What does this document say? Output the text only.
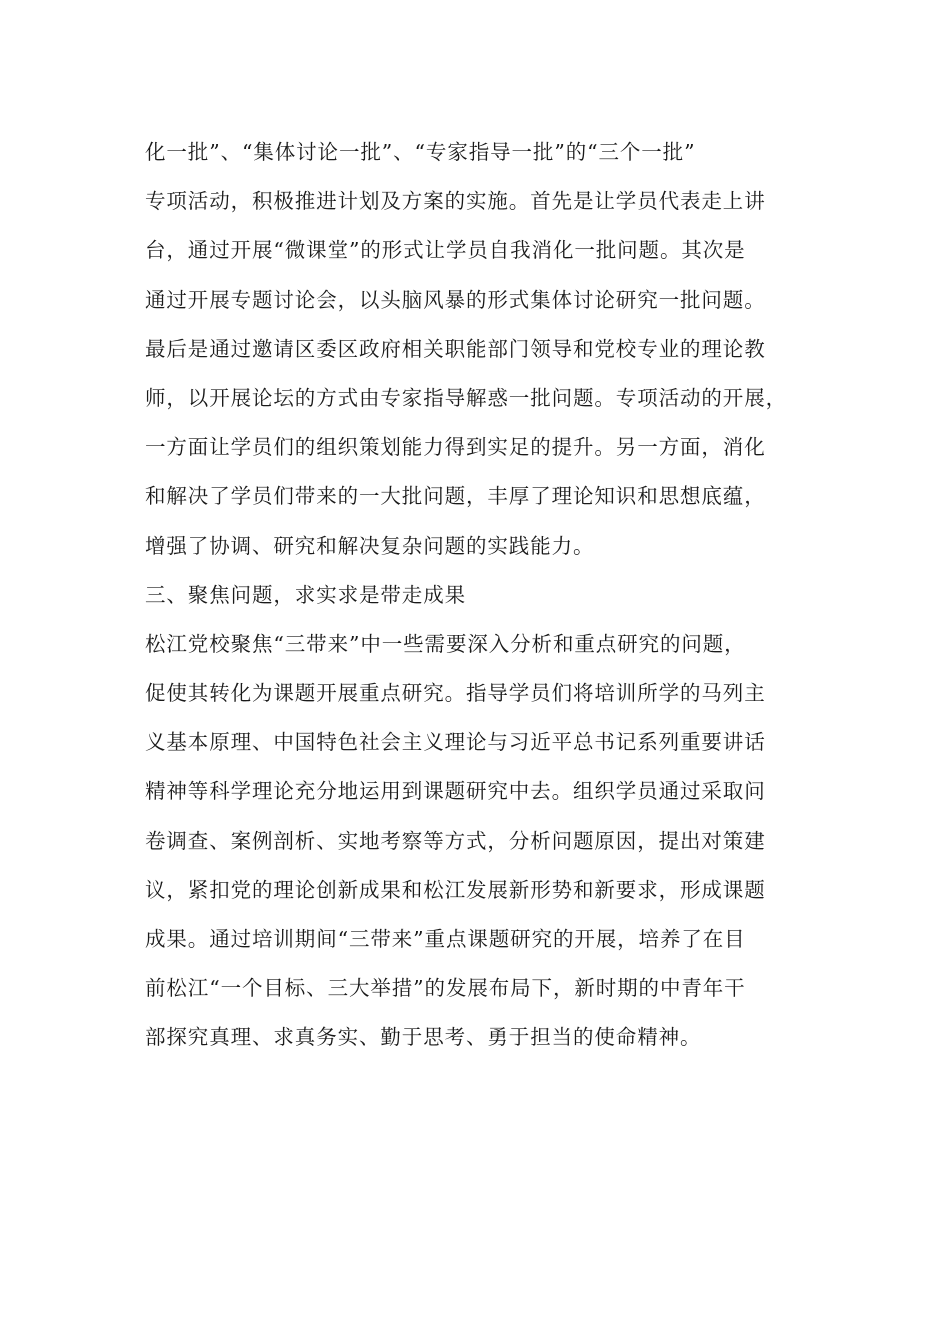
化一批”、“集体讨论一批”、“专家指导一批”的“三个一批”
专项活动，积极推进计划及方案的实施。首先是让学员代表走上讲
台，通过开展“微课堂”的形式让学员自我消化一批问题。其次是
通过开展专题讨论会，以头脑风暴的形式集体讨论研究一批问题。
最后是通过邀请区委区政府相关职能部门领导和党校专业的理论教
师，以开展论坛的方式由专家指导解惑一批问题。专项活动的开展，
一方面让学员们的组织策划能力得到实足的提升。另一方面，消化
和解决了学员们带来的一大批问题，丰厚了理论知识和思想底蕴，
增强了协调、研究和解决复杂问题的实践能力。
三、聚焦问题，求实求是带走成果
松江党校聚焦“三带来”中一些需要深入分析和重点研究的问题，
促使其转化为课题开展重点研究。指导学员们将培训所学的马列主
义基本原理、中国特色社会主义理论与习近平总书记系列重要讲话
精神等科学理论充分地运用到课题研究中去。组织学员通过采取问
卷调查、案例剖析、实地考察等方式，分析问题原因，提出对策建
议，紧扣党的理论创新成果和松江发展新形势和新要求，形成课题
成果。通过培训期间“三带来”重点课题研究的开展，培养了在目
前松江“一个目标、三大举措”的发展布局下，新时期的中青年干
部探究真理、求真务实、勤于思考、勇于担当的使命精神。
